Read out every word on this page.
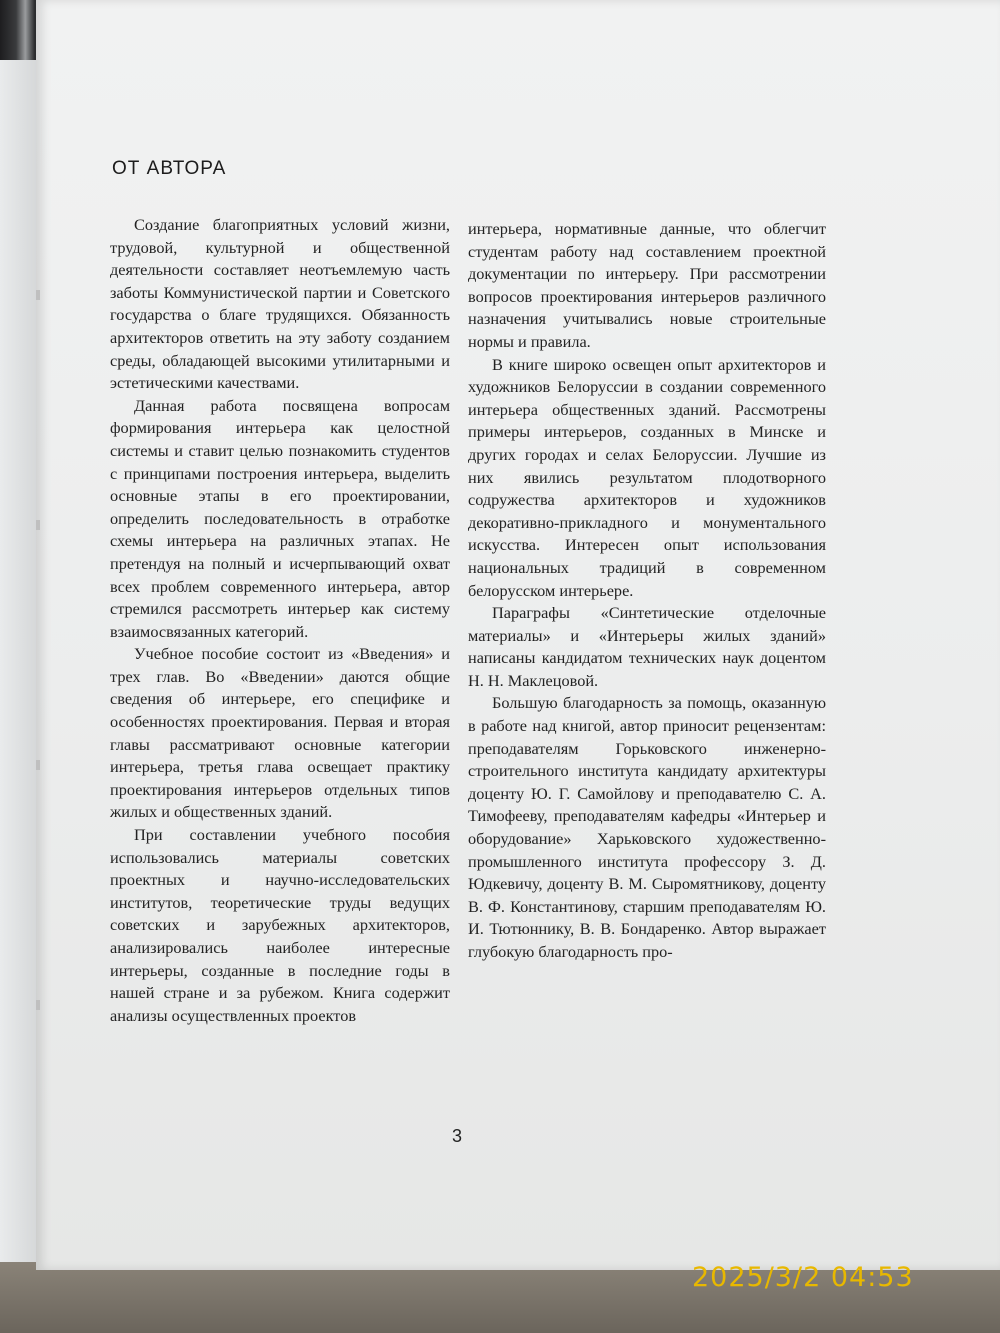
ОТ АВТОРА

Создание благоприятных условий жизни, трудовой, культурной и общественной деятельности составляет неотъемлемую часть заботы Коммунистической партии и Советского государства о благе трудящихся. Обязанность архитекторов ответить на эту заботу созданием среды, обладающей высокими утилитарными и эстетическими качествами.

Данная работа посвящена вопросам формирования интерьера как целостной системы и ставит целью познакомить студентов с принципами построения интерьера, выделить основные этапы в его проектировании, определить последовательность в отработке схемы интерьера на различных этапах. Не претендуя на полный и исчерпывающий охват всех проблем современного интерьера, автор стремился рассмотреть интерьер как систему взаимосвязанных категорий.

Учебное пособие состоит из «Введения» и трех глав. Во «Введении» даются общие сведения об интерьере, его специфике и особенностях проектирования. Первая и вторая главы рассматривают основные категории интерьера, третья глава освещает практику проектирования интерьеров отдельных типов жилых и общественных зданий.

При составлении учебного пособия использовались материалы советских проектных и научно-исследовательских институтов, теоретические труды ведущих советских и зарубежных архитекторов, анализировались наиболее интересные интерьеры, созданные в последние годы в нашей стране и за рубежом. Книга содержит анализы осуществленных проектов

интерьера, нормативные данные, что облегчит студентам работу над составлением проектной документации по интерьеру. При рассмотрении вопросов проектирования интерьеров различного назначения учитывались новые строительные нормы и правила.

В книге широко освещен опыт архитекторов и художников Белоруссии в создании современного интерьера общественных зданий. Рассмотрены примеры интерьеров, созданных в Минске и других городах и селах Белоруссии. Лучшие из них явились результатом плодотворного содружества архитекторов и художников декоративно-прикладного и монументального искусства. Интересен опыт использования национальных традиций в современном белорусском интерьере.

Параграфы «Синтетические отделочные материалы» и «Интерьеры жилых зданий» написаны кандидатом технических наук доцентом Н. Н. Маклецовой.

Большую благодарность за помощь, оказанную в работе над книгой, автор приносит рецензентам: преподавателям Горьковского инженерно-строительного института кандидату архитектуры доценту Ю. Г. Самойлову и преподавателю С. А. Тимофееву, преподавателям кафедры «Интерьер и оборудование» Харьковского художественно-промышленного института профессору З. Д. Юдкевичу, доценту В. М. Сыромятникову, доценту В. Ф. Константинову, старшим преподавателям Ю. И. Тютюннику, В. В. Бондаренко. Автор выражает глубокую благодарность про-

3
2025/3/2 04:53
